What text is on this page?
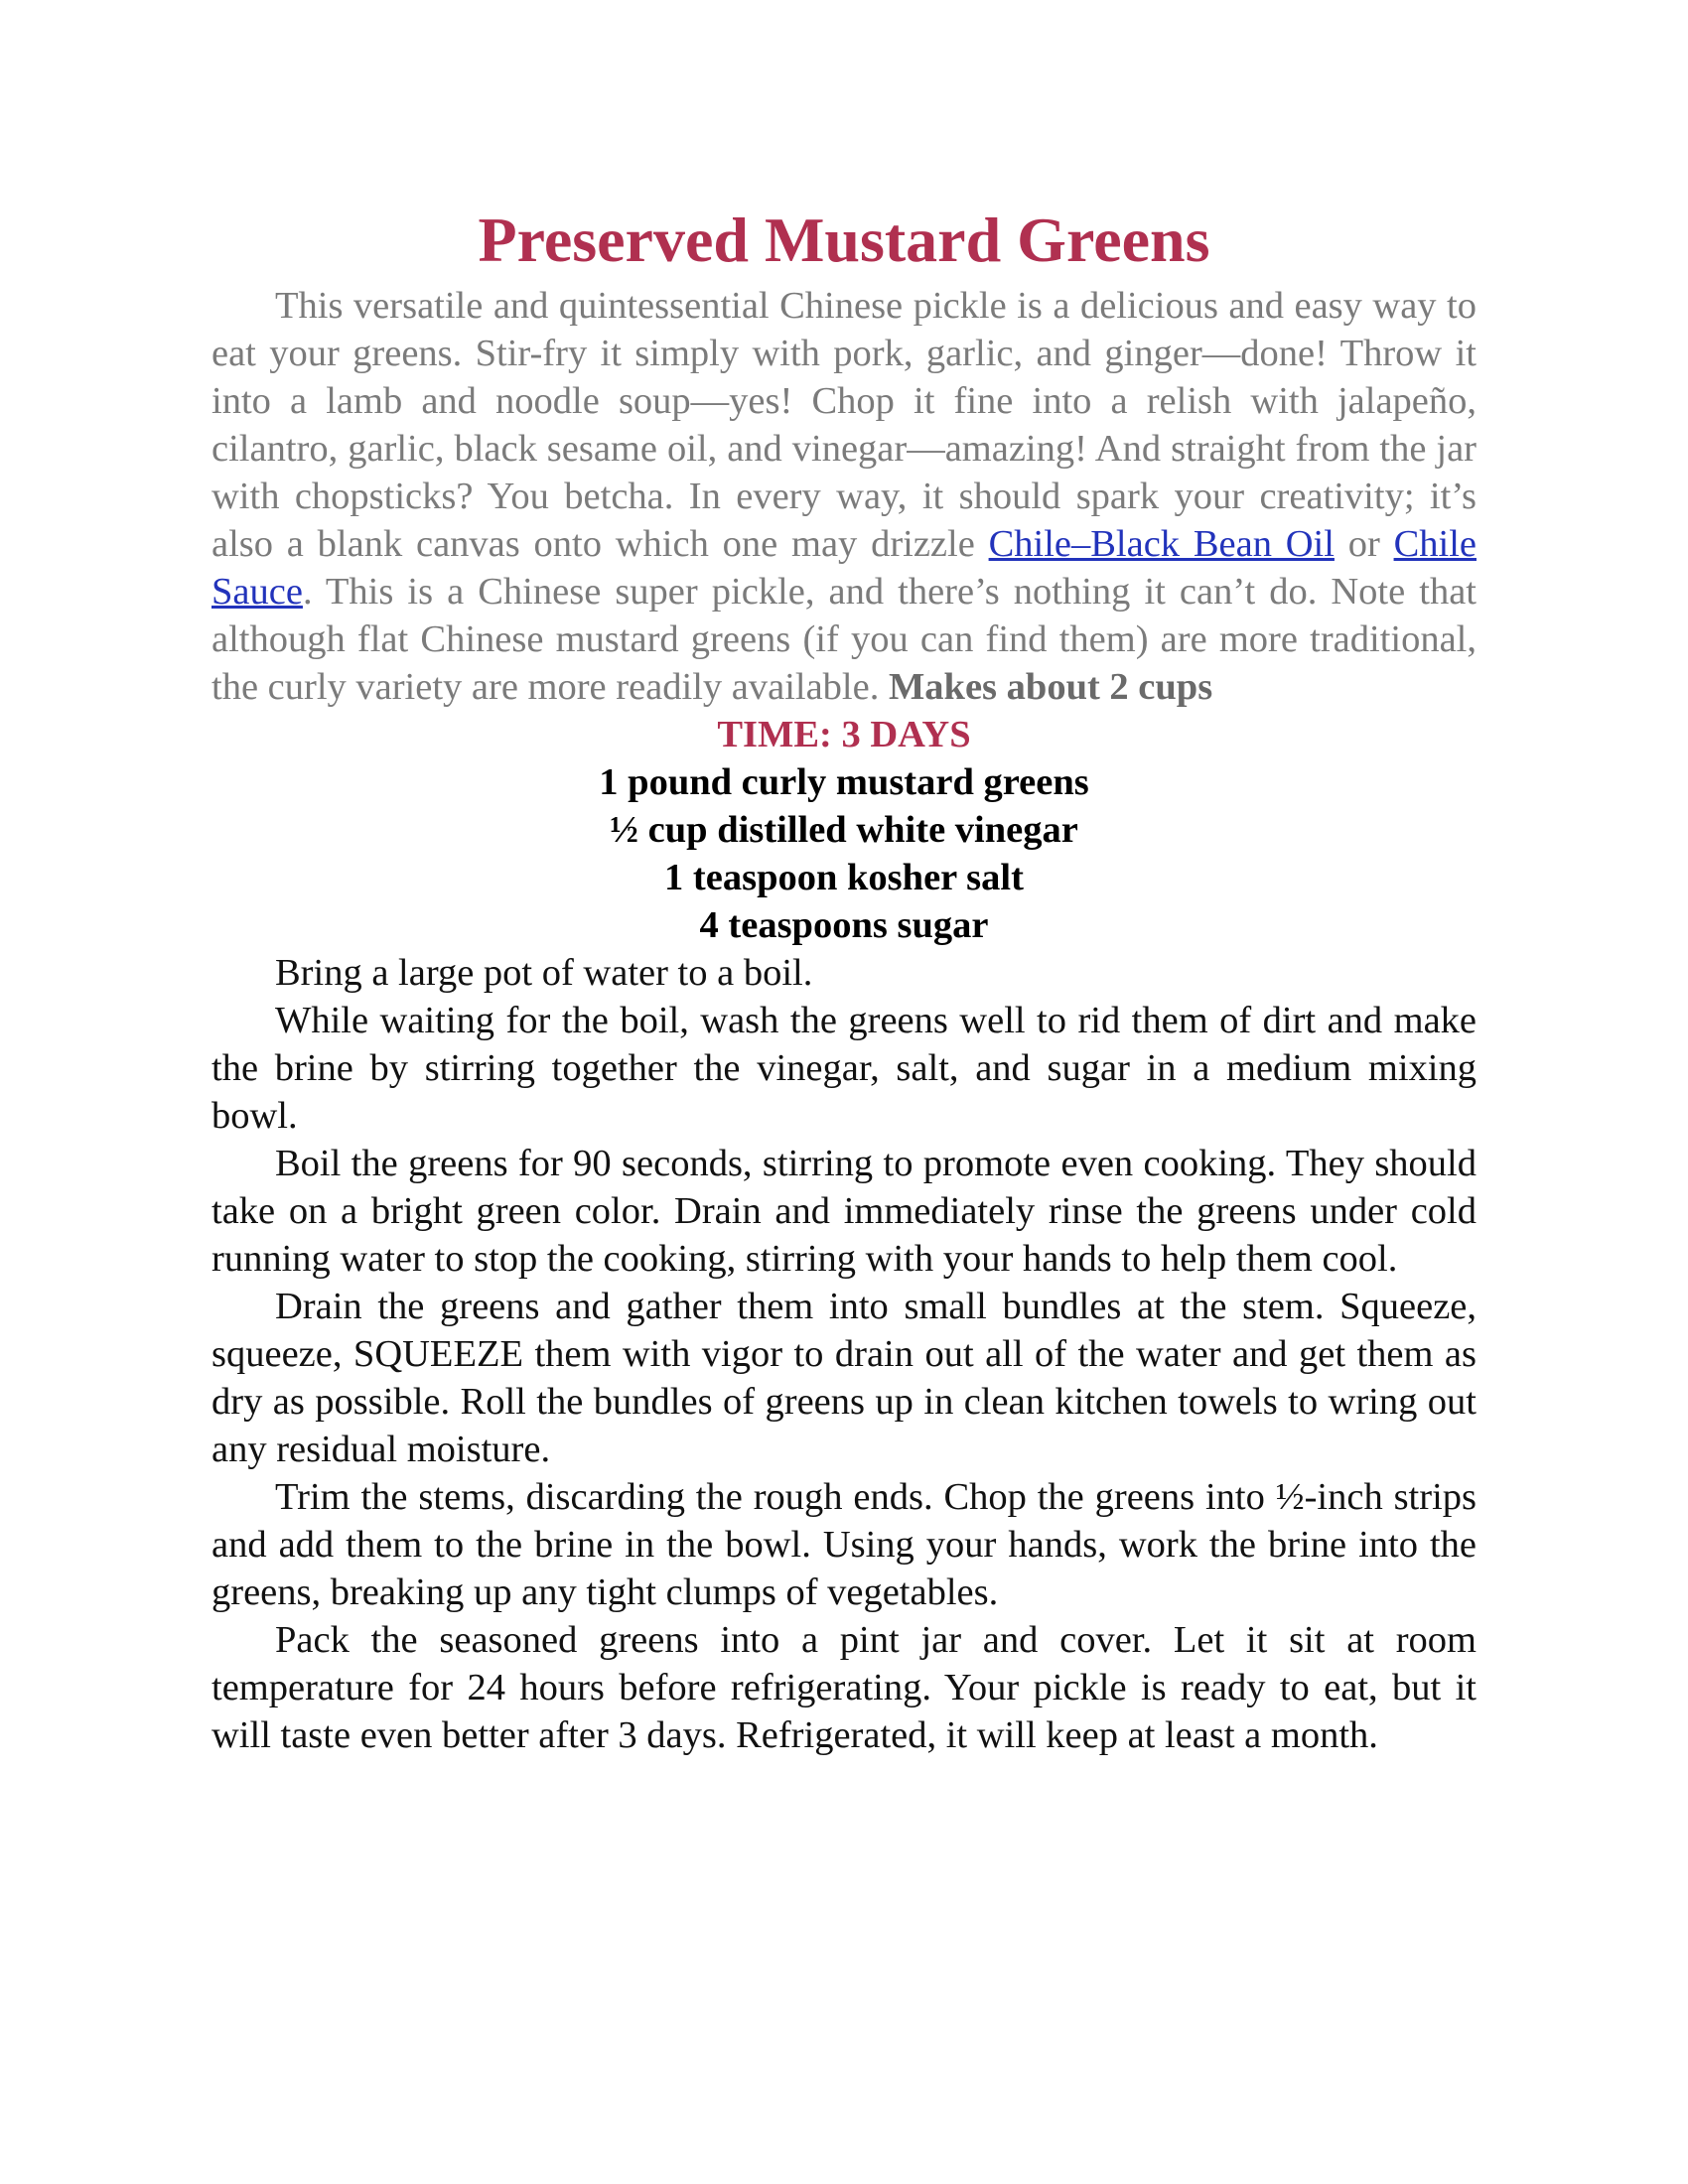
Preserved Mustard Greens

This versatile and quintessential Chinese pickle is a delicious and easy way to eat your greens. Stir-fry it simply with pork, garlic, and ginger—done! Throw it into a lamb and noodle soup—yes! Chop it fine into a relish with jalapeño, cilantro, garlic, black sesame oil, and vinegar—amazing! And straight from the jar with chopsticks? You betcha. In every way, it should spark your creativity; it’s also a blank canvas onto which one may drizzle Chile–Black Bean Oil or Chile Sauce. This is a Chinese super pickle, and there’s nothing it can’t do. Note that although flat Chinese mustard greens (if you can find them) are more traditional, the curly variety are more readily available. Makes about 2 cups

TIME: 3 DAYS

1 pound curly mustard greens
½ cup distilled white vinegar
1 teaspoon kosher salt
4 teaspoons sugar

Bring a large pot of water to a boil.

While waiting for the boil, wash the greens well to rid them of dirt and make the brine by stirring together the vinegar, salt, and sugar in a medium mixing bowl.

Boil the greens for 90 seconds, stirring to promote even cooking. They should take on a bright green color. Drain and immediately rinse the greens under cold running water to stop the cooking, stirring with your hands to help them cool.

Drain the greens and gather them into small bundles at the stem. Squeeze, squeeze, SQUEEZE them with vigor to drain out all of the water and get them as dry as possible. Roll the bundles of greens up in clean kitchen towels to wring out any residual moisture.

Trim the stems, discarding the rough ends. Chop the greens into ½-inch strips and add them to the brine in the bowl. Using your hands, work the brine into the greens, breaking up any tight clumps of vegetables.

Pack the seasoned greens into a pint jar and cover. Let it sit at room temperature for 24 hours before refrigerating. Your pickle is ready to eat, but it will taste even better after 3 days. Refrigerated, it will keep at least a month.
